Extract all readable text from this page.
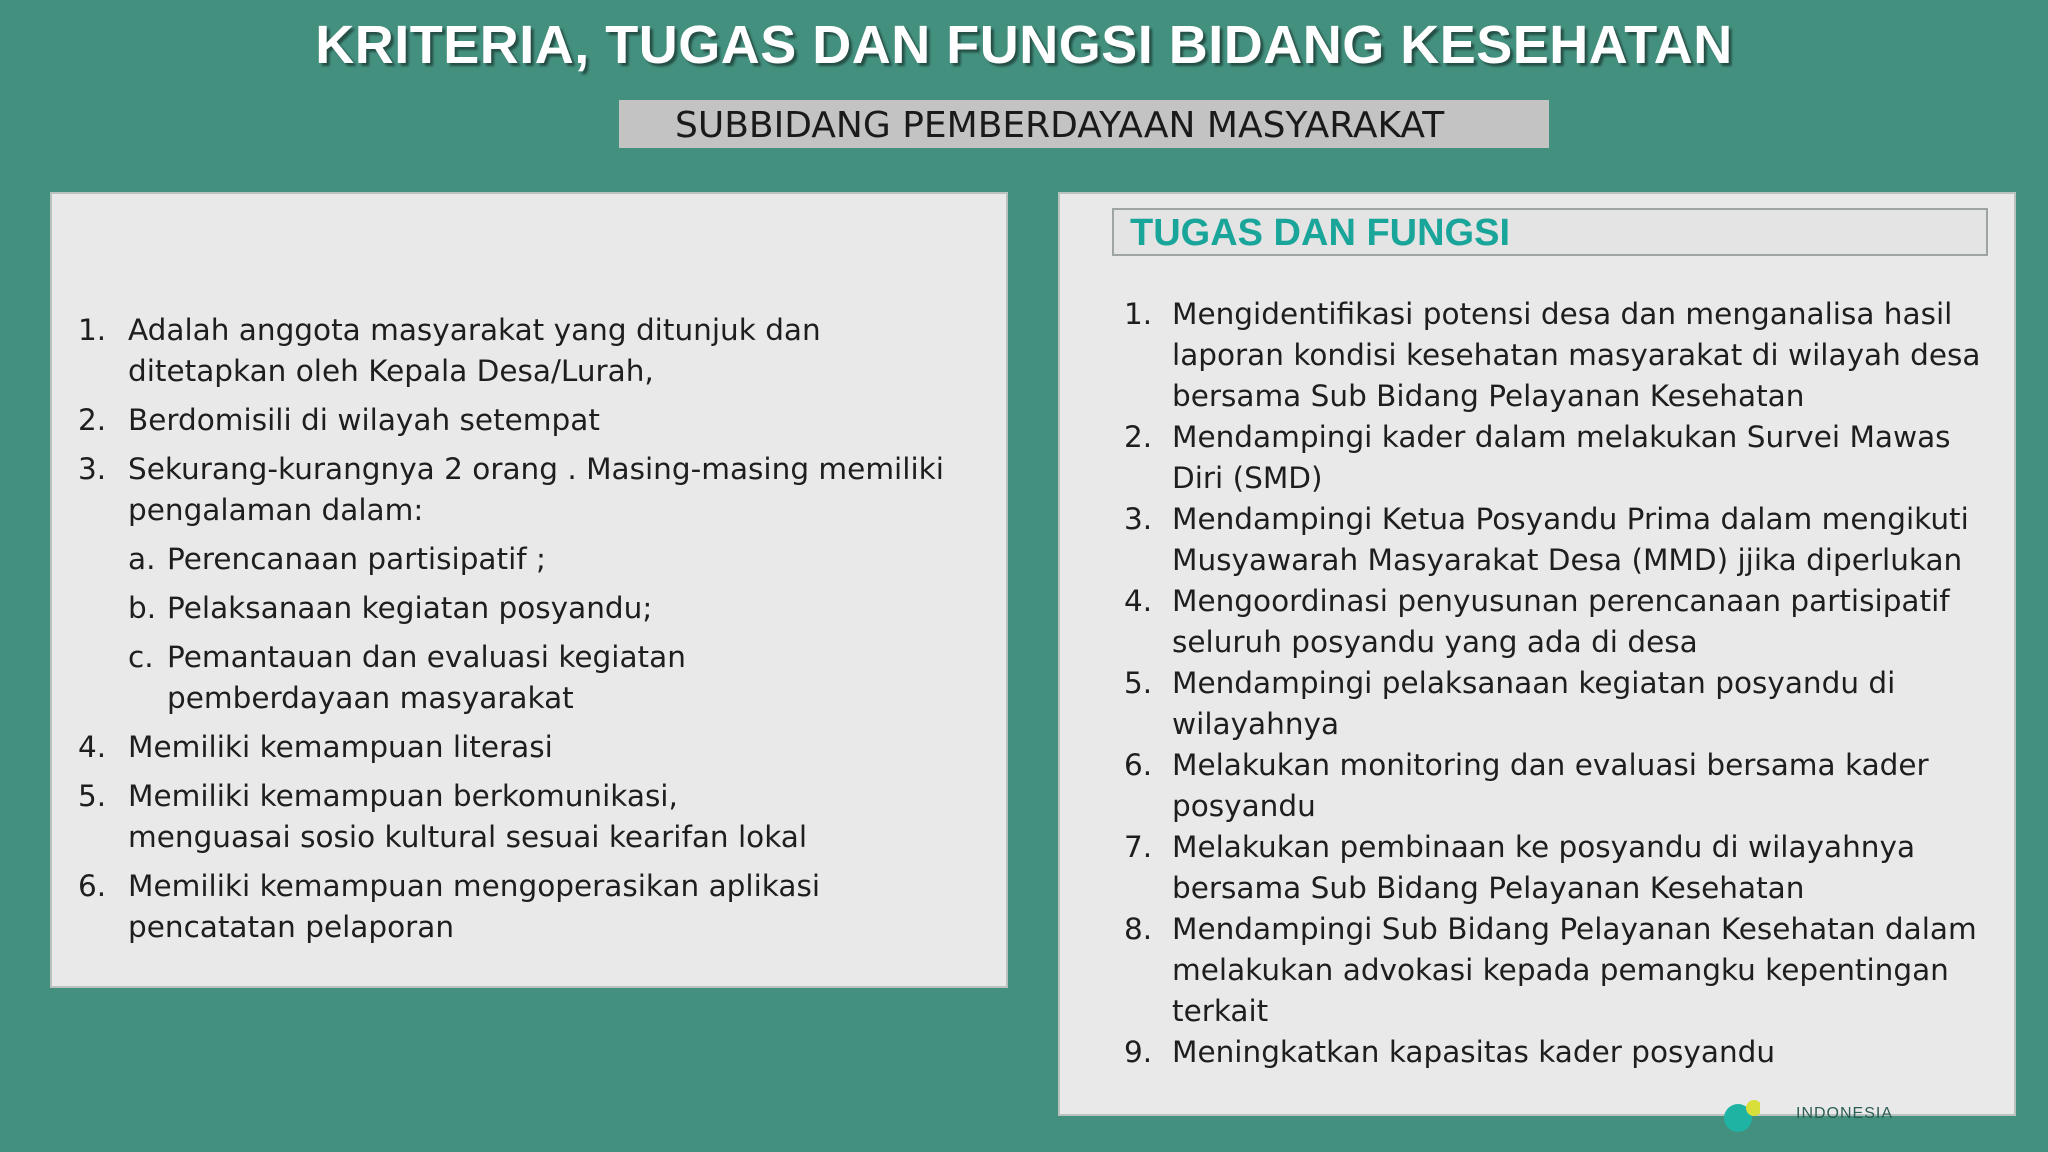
KRITERIA, TUGAS DAN FUNGSI BIDANG KESEHATAN
SUBBIDANG PEMBERDAYAAN MASYARAKAT
1. Adalah anggota masyarakat yang ditunjuk dan ditetapkan oleh Kepala Desa/Lurah,
2. Berdomisili di wilayah setempat
3. Sekurang-kurangnya 2 orang . Masing-masing memiliki pengalaman dalam:
a. Perencanaan partisipatif ;
b. Pelaksanaan kegiatan posyandu;
c. Pemantauan dan evaluasi kegiatan pemberdayaan masyarakat
4. Memiliki kemampuan literasi
5. Memiliki kemampuan berkomunikasi, menguasai sosio kultural sesuai kearifan lokal
6. Memiliki kemampuan mengoperasikan aplikasi pencatatan pelaporan
TUGAS DAN FUNGSI
1. Mengidentifikasi potensi desa dan menganalisa hasil laporan kondisi kesehatan masyarakat di wilayah desa bersama Sub Bidang Pelayanan Kesehatan
2. Mendampingi kader dalam melakukan Survei Mawas Diri (SMD)
3. Mendampingi Ketua Posyandu Prima dalam mengikuti Musyawarah Masyarakat Desa (MMD) jjika diperlukan
4. Mengoordinasi penyusunan perencanaan partisipatif seluruh posyandu yang ada di desa
5. Mendampingi pelaksanaan kegiatan posyandu di wilayahnya
6. Melakukan monitoring dan evaluasi bersama kader posyandu
7. Melakukan pembinaan ke posyandu di wilayahnya bersama Sub Bidang Pelayanan Kesehatan
8. Mendampingi Sub Bidang Pelayanan Kesehatan dalam melakukan advokasi kepada pemangku kepentingan terkait
9. Meningkatkan kapasitas kader posyandu
INDONESIA
